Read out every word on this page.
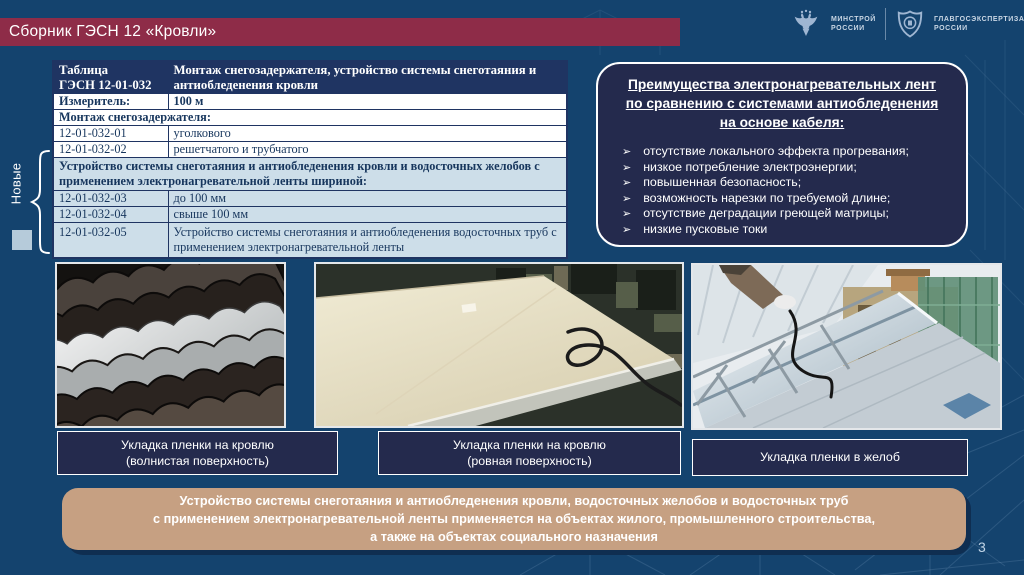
Сборник ГЭСН 12 «Кровли»
МИНСТРОЙ
РОССИИ
ГЛАВГОСЭКСПЕРТИЗА
РОССИИ
Новые
Таблица
ГЭСН 12-01-032	Монтаж снегозадержателя, устройство системы снеготаяния и антиобледенения кровли
Измеритель:	100 м
Монтаж снегозадержателя:	
12-01-032-01	уголкового
12-01-032-02	решетчатого и трубчатого
Устройство системы снеготаяния и антиобледенения кровли и водосточных желобов с применением электронагревательной ленты шириной:	
12-01-032-03	до 100 мм
12-01-032-04	свыше 100 мм
12-01-032-05	Устройство системы снеготаяния и антиобледенения водосточных труб с применением электронагревательной ленты
Преимущества электронагревательных лент
по сравнению с системами антиобледенения
на основе кабеля:
➢ отсутствие локального эффекта прогревания;
➢ низкое потребление электроэнергии;
➢ повышенная безопасность;
➢ возможность нарезки по требуемой длине;
➢ отсутствие деградации греющей матрицы;
➢ низкие пусковые токи
Укладка пленки на кровлю
(волнистая поверхность)
Укладка пленки на кровлю
(ровная поверхность)	Укладка пленки в желоб
Устройство системы снеготаяния и антиобледенения кровли, водосточных желобов и водосточных труб
с применением электронагревательной ленты применяется на объектах жилого, промышленного строительства,
а также на объектах социального назначения
3
